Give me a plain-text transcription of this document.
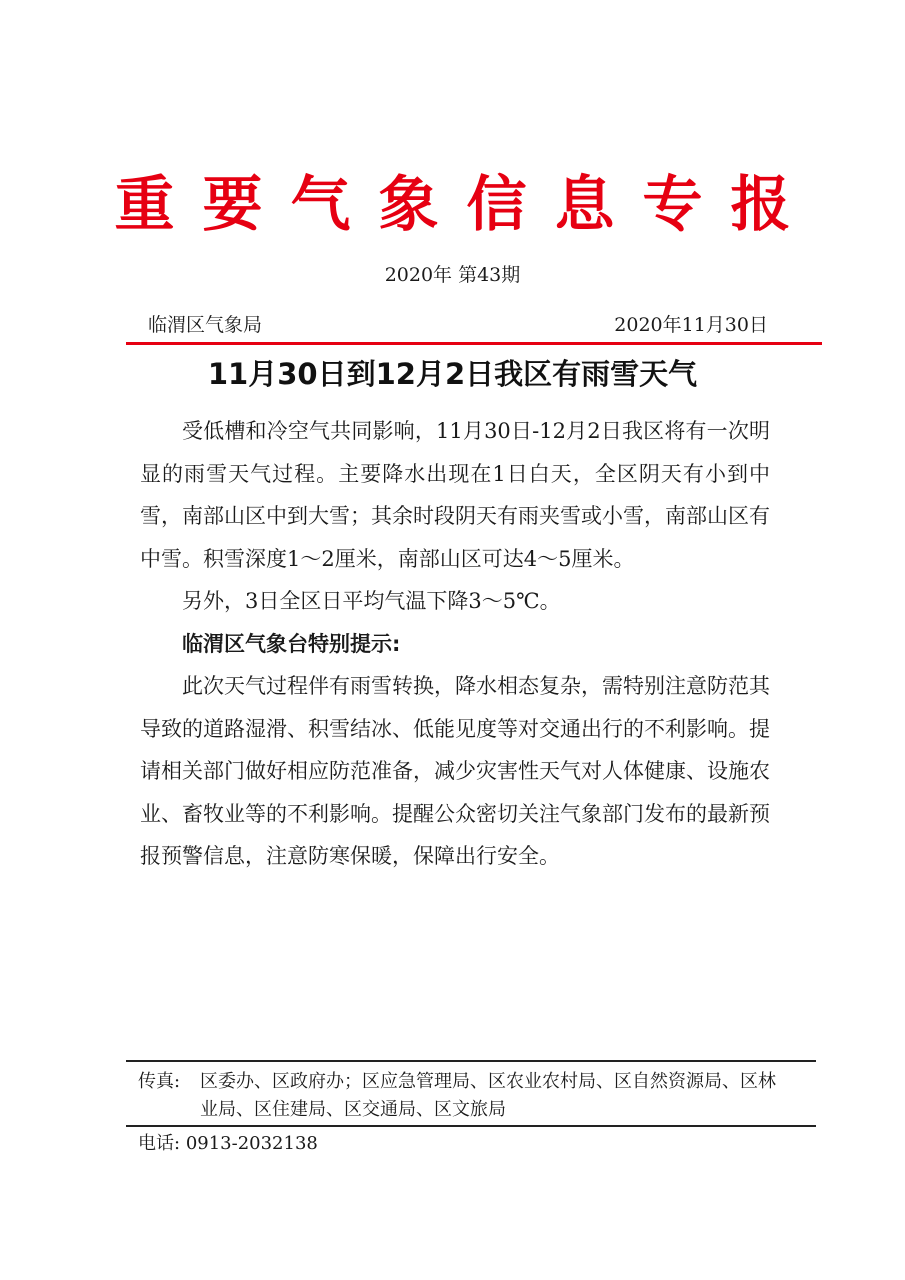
重要气象信息专报
2020年 第43期
临渭区气象局	2020年11月30日
11月30日到12月2日我区有雨雪天气

受低槽和冷空气共同影响，11月30日-12月2日我区将有一次明显的雨雪天气过程。主要降水出现在1日白天，全区阴天有小到中雪，南部山区中到大雪；其余时段阴天有雨夹雪或小雪，南部山区有中雪。积雪深度1～2厘米，南部山区可达4～5厘米。

另外，3日全区日平均气温下降3～5℃。

临渭区气象台特别提示:

此次天气过程伴有雨雪转换，降水相态复杂，需特别注意防范其导致的道路湿滑、积雪结冰、低能见度等对交通出行的不利影响。提请相关部门做好相应防范准备，减少灾害性天气对人体健康、设施农业、畜牧业等的不利影响。提醒公众密切关注气象部门发布的最新预报预警信息，注意防寒保暖，保障出行安全。

传真:	区委办、区政府办；区应急管理局、区农业农村局、区自然资源局、区林业局、区住建局、区交通局、区文旅局
电话: 0913-2032138
